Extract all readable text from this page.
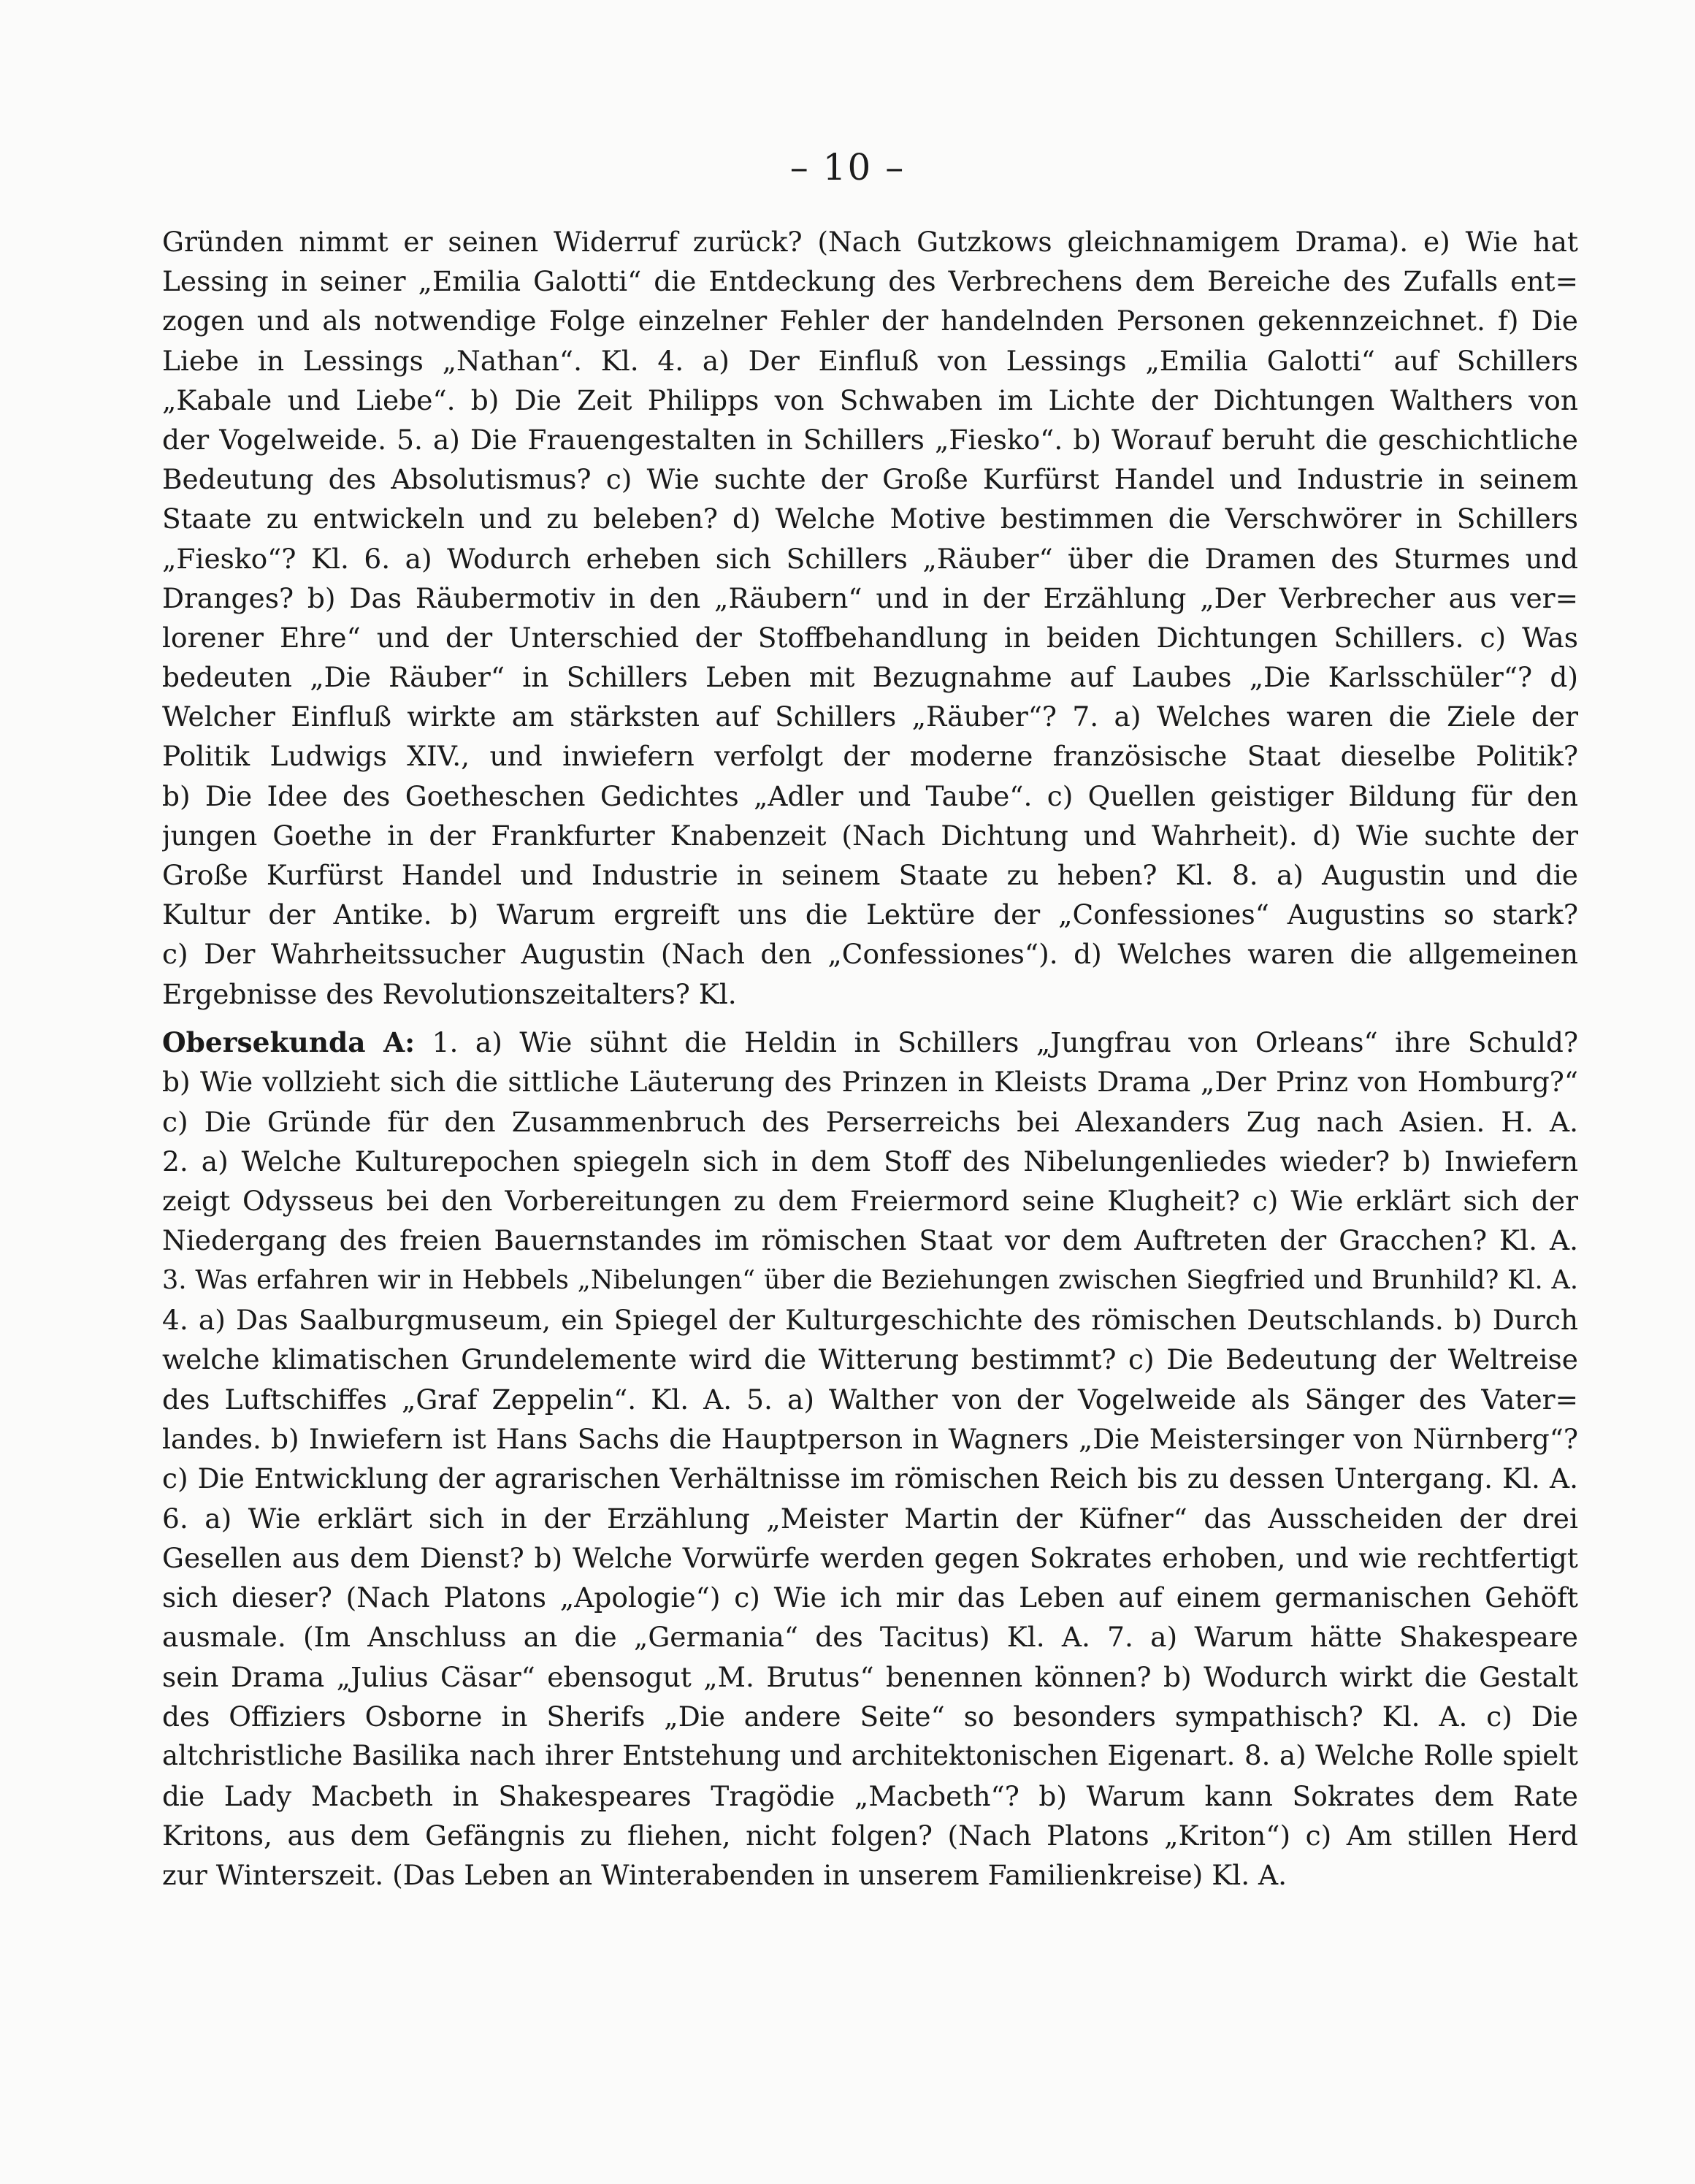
– 10 –
Gründen nimmt er seinen Widerruf zurück? (Nach Gutzkows gleichnamigem Drama). e) Wie hat
Lessing in seiner „Emilia Galotti“ die Entdeckung des Verbrechens dem Bereiche des Zufalls ent=
zogen und als notwendige Folge einzelner Fehler der handelnden Personen gekennzeichnet. f) Die
Liebe in Lessings „Nathan“. Kl. 4. a) Der Einfluß von Lessings „Emilia Galotti“ auf Schillers
„Kabale und Liebe“. b) Die Zeit Philipps von Schwaben im Lichte der Dichtungen Walthers von
der Vogelweide. 5. a) Die Frauengestalten in Schillers „Fiesko“. b) Worauf beruht die geschichtliche
Bedeutung des Absolutismus? c) Wie suchte der Große Kurfürst Handel und Industrie in seinem
Staate zu entwickeln und zu beleben? d) Welche Motive bestimmen die Verschwörer in Schillers
„Fiesko“? Kl. 6. a) Wodurch erheben sich Schillers „Räuber“ über die Dramen des Sturmes und
Dranges? b) Das Räubermotiv in den „Räubern“ und in der Erzählung „Der Verbrecher aus ver=
lorener Ehre“ und der Unterschied der Stoffbehandlung in beiden Dichtungen Schillers. c) Was
bedeuten „Die Räuber“ in Schillers Leben mit Bezugnahme auf Laubes „Die Karlsschüler“? d)
Welcher Einfluß wirkte am stärksten auf Schillers „Räuber“? 7. a) Welches waren die Ziele der
Politik Ludwigs XIV., und inwiefern verfolgt der moderne französische Staat dieselbe Politik?
b) Die Idee des Goetheschen Gedichtes „Adler und Taube“. c) Quellen geistiger Bildung für den
jungen Goethe in der Frankfurter Knabenzeit (Nach Dichtung und Wahrheit). d) Wie suchte der
Große Kurfürst Handel und Industrie in seinem Staate zu heben? Kl. 8. a) Augustin und die
Kultur der Antike. b) Warum ergreift uns die Lektüre der „Confessiones“ Augustins so stark?
c) Der Wahrheitssucher Augustin (Nach den „Confessiones“). d) Welches waren die allgemeinen
Ergebnisse des Revolutionszeitalters? Kl.
Obersekunda A: 1. a) Wie sühnt die Heldin in Schillers „Jungfrau von Orleans“ ihre Schuld?
b) Wie vollzieht sich die sittliche Läuterung des Prinzen in Kleists Drama „Der Prinz von Homburg?“
c) Die Gründe für den Zusammenbruch des Perserreichs bei Alexanders Zug nach Asien. H. A.
2. a) Welche Kulturepochen spiegeln sich in dem Stoff des Nibelungenliedes wieder? b) Inwiefern
zeigt Odysseus bei den Vorbereitungen zu dem Freiermord seine Klugheit? c) Wie erklärt sich der
Niedergang des freien Bauernstandes im römischen Staat vor dem Auftreten der Gracchen? Kl. A.
3. Was erfahren wir in Hebbels „Nibelungen“ über die Beziehungen zwischen Siegfried und Brunhild? Kl. A.
4. a) Das Saalburgmuseum, ein Spiegel der Kulturgeschichte des römischen Deutschlands. b) Durch
welche klimatischen Grundelemente wird die Witterung bestimmt? c) Die Bedeutung der Weltreise
des Luftschiffes „Graf Zeppelin“. Kl. A. 5. a) Walther von der Vogelweide als Sänger des Vater=
landes. b) Inwiefern ist Hans Sachs die Hauptperson in Wagners „Die Meistersinger von Nürnberg“?
c) Die Entwicklung der agrarischen Verhältnisse im römischen Reich bis zu dessen Untergang. Kl. A.
6. a) Wie erklärt sich in der Erzählung „Meister Martin der Küfner“ das Ausscheiden der drei
Gesellen aus dem Dienst? b) Welche Vorwürfe werden gegen Sokrates erhoben, und wie rechtfertigt
sich dieser? (Nach Platons „Apologie“) c) Wie ich mir das Leben auf einem germanischen Gehöft
ausmale. (Im Anschluss an die „Germania“ des Tacitus) Kl. A. 7. a) Warum hätte Shakespeare
sein Drama „Julius Cäsar“ ebensogut „M. Brutus“ benennen können? b) Wodurch wirkt die Gestalt
des Offiziers Osborne in Sherifs „Die andere Seite“ so besonders sympathisch? Kl. A. c) Die
altchristliche Basilika nach ihrer Entstehung und architektonischen Eigenart. 8. a) Welche Rolle spielt
die Lady Macbeth in Shakespeares Tragödie „Macbeth“? b) Warum kann Sokrates dem Rate
Kritons, aus dem Gefängnis zu fliehen, nicht folgen? (Nach Platons „Kriton“) c) Am stillen Herd
zur Winterszeit. (Das Leben an Winterabenden in unserem Familienkreise) Kl. A.
